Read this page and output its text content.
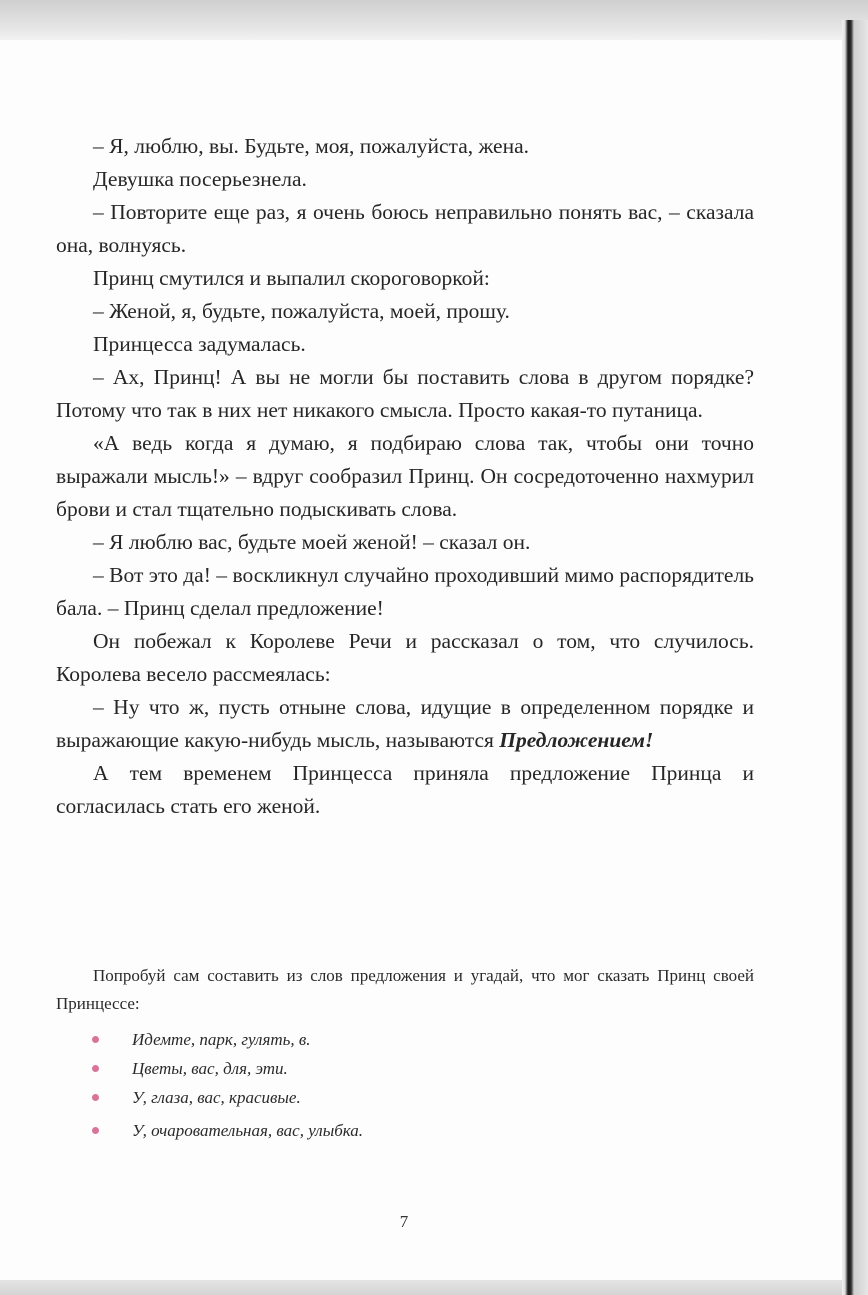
– Я, люблю, вы. Будьте, моя, пожалуйста, жена.

Девушка посерьезнела.

– Повторите еще раз, я очень боюсь неправильно понять вас, – сказала она, волнуясь.

Принц смутился и выпалил скороговоркой:

– Женой, я, будьте, пожалуйста, моей, прошу.

Принцесса задумалась.

– Ах, Принц! А вы не могли бы поставить слова в другом порядке? Потому что так в них нет никакого смысла. Просто какая-то путаница.

«А ведь когда я думаю, я подбираю слова так, чтобы они точно выражали мысль!» – вдруг сообразил Принц. Он сосредоточенно нахмурил брови и стал тщательно подыскивать слова.

– Я люблю вас, будьте моей женой! – сказал он.

– Вот это да! – воскликнул случайно проходивший мимо распорядитель бала. – Принц сделал предложение!

Он побежал к Королеве Речи и рассказал о том, что случилось. Королева весело рассмеялась:

– Ну что ж, пусть отныне слова, идущие в определенном порядке и выражающие какую-нибудь мысль, называются Предложением!

А тем временем Принцесса приняла предложение Принца и согласилась стать его женой.

Попробуй сам составить из слов предложения и угадай, что мог сказать Принц своей Принцессе:

Идемте, парк, гулять, в.
Цветы, вас, для, эти.
У, глаза, вас, красивые.
У, очаровательная, вас, улыбка.
7
